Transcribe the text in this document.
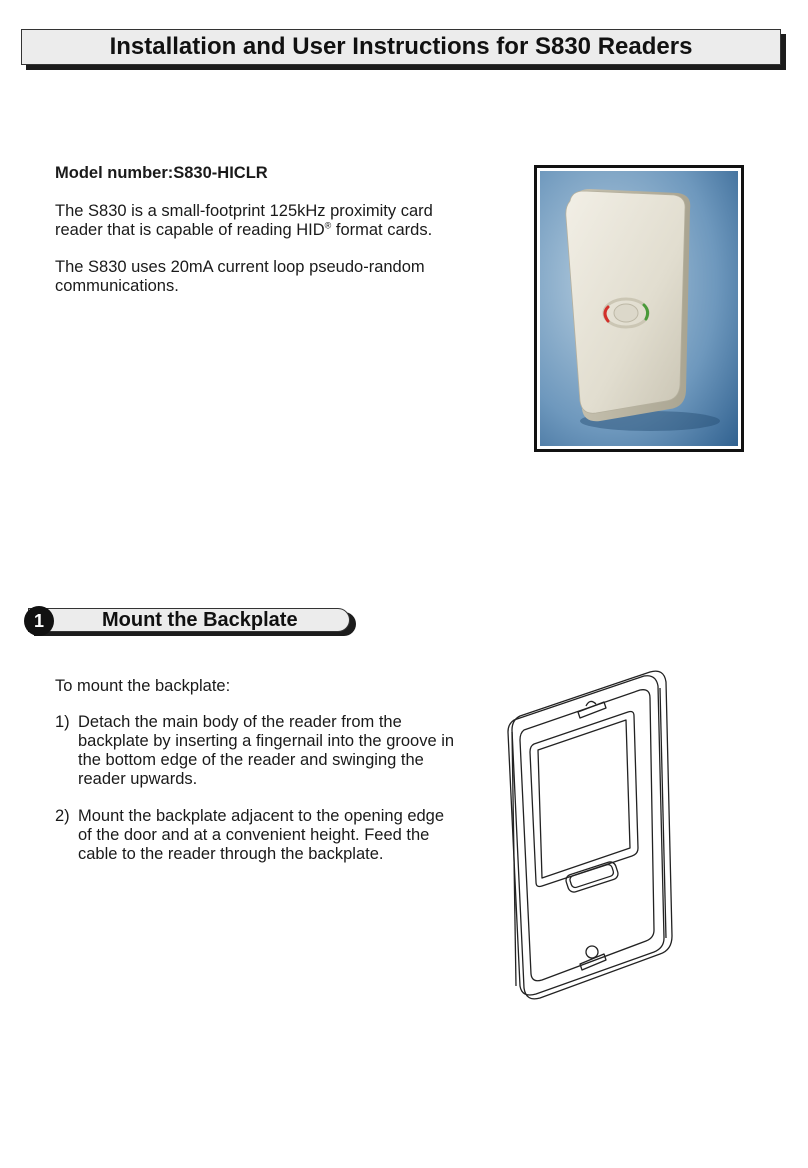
Installation and User Instructions for S830 Readers

Model number:S830-HICLR

The S830 is a small-footprint 125kHz proximity card
reader that is capable of reading HID® format cards.
The S830 uses 20mA current loop pseudo-random
communications.
1	Mount the Backplate

To mount the backplate:

1) Detach the main body of the reader from the
backplate by inserting a fingernail into the groove in
the bottom edge of the reader and swinging the
reader upwards.
2) Mount the backplate adjacent to the opening edge
of the door and at a convenient height. Feed the
cable to the reader through the backplate.
